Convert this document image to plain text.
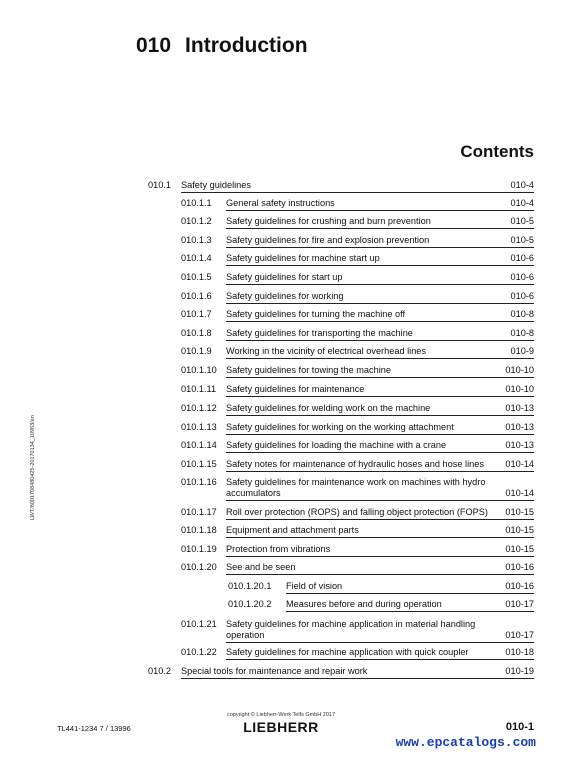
010 Introduction
Contents
010.1 Safety guidelines	010-4
010.1.1 General safety instructions	010-4
010.1.2 Safety guidelines for crushing and burn prevention	010-5
010.1.3 Safety guidelines for fire and explosion prevention	010-5
010.1.4 Safety guidelines for machine start up	010-6
010.1.5 Safety guidelines for start up	010-6
010.1.6 Safety guidelines for working	010-6
010.1.7 Safety guidelines for turning the machine off	010-8
010.1.8 Safety guidelines for transporting the machine	010-8
010.1.9 Working in the vicinity of electrical overhead lines	010-9
010.1.10 Safety guidelines for towing the machine	010-10
010.1.11 Safety guidelines for maintenance	010-10
010.1.12 Safety guidelines for welding work on the machine	010-13
010.1.13 Safety guidelines for working on the working attachment	010-13
010.1.14 Safety guidelines for loading the machine with a crane	010-13
010.1.15 Safety notes for maintenance of hydraulic hoses and hose lines	010-14
010.1.16 Safety guidelines for maintenance work on machines with hydro accumulators	010-14
010.1.17 Roll over protection (ROPS) and falling object protection (FOPS)	010-15
010.1.18 Equipment and attachment parts	010-15
010.1.19 Protection from vibrations	010-15
010.1.20 See and be seen	010-16
010.1.20.1 Field of vision	010-16
010.1.20.2 Measures before and during operation	010-17
010.1.21 Safety guidelines for machine application in material handling operation	010-17
010.1.22 Safety guidelines for machine application with quick coupler	010-18
010.2 Special tools for maintenance and repair work	010-19
LWT/8001708480425-20170134_10963/en
TL441-1234 7 / 13996
copyright © Liebherr-Werk Telfs GmbH 2017
LIEBHERR	010-1
www.epcatalogs.com
